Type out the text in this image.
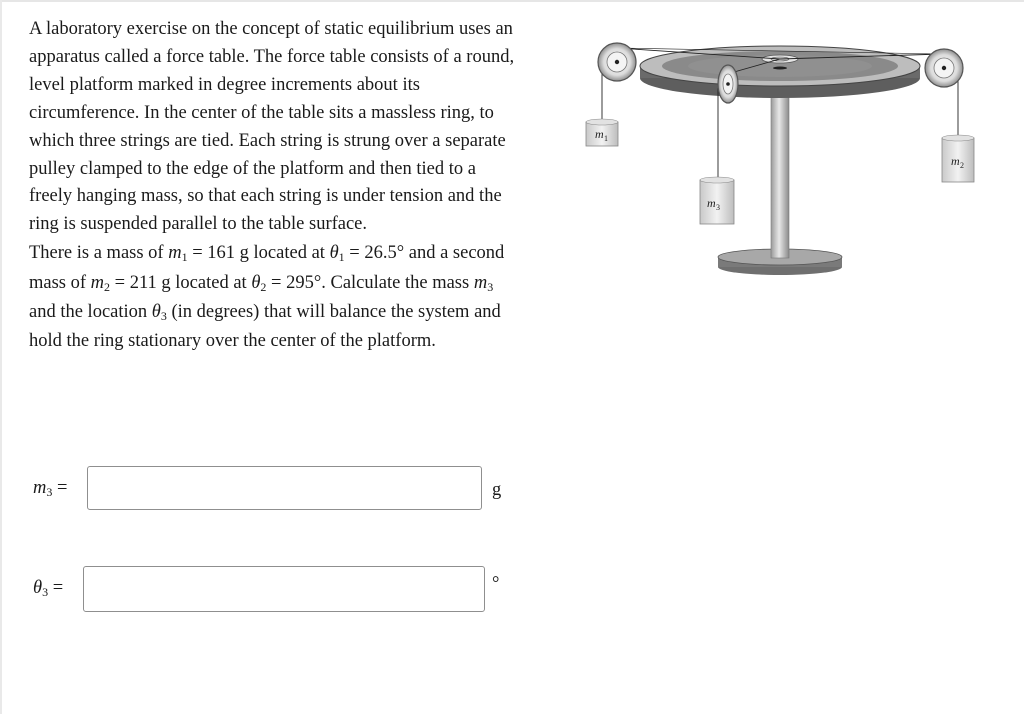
A laboratory exercise on the concept of static equilibrium uses an apparatus called a force table. The force table consists of a round, level platform marked in degree increments about its circumference. In the center of the table sits a massless ring, to which three strings are tied. Each string is strung over a separate pulley clamped to the edge of the platform and then tied to a freely hanging mass, so that each string is under tension and the ring is suspended parallel to the table surface.

There is a mass of $m_1 = 161$ g located at $\theta_1 = 26.5^\circ$ and a second mass of $m_2 = 211$ g located at $\theta_2 = 295^\circ$. Calculate the mass $m_3$ and the location $\theta_3$ (in degrees) that will balance the system and hold the ring stationary over the center of the platform.

m 1
m 2
m 3
$m_3$ =	g
$\theta_3$ =	°
